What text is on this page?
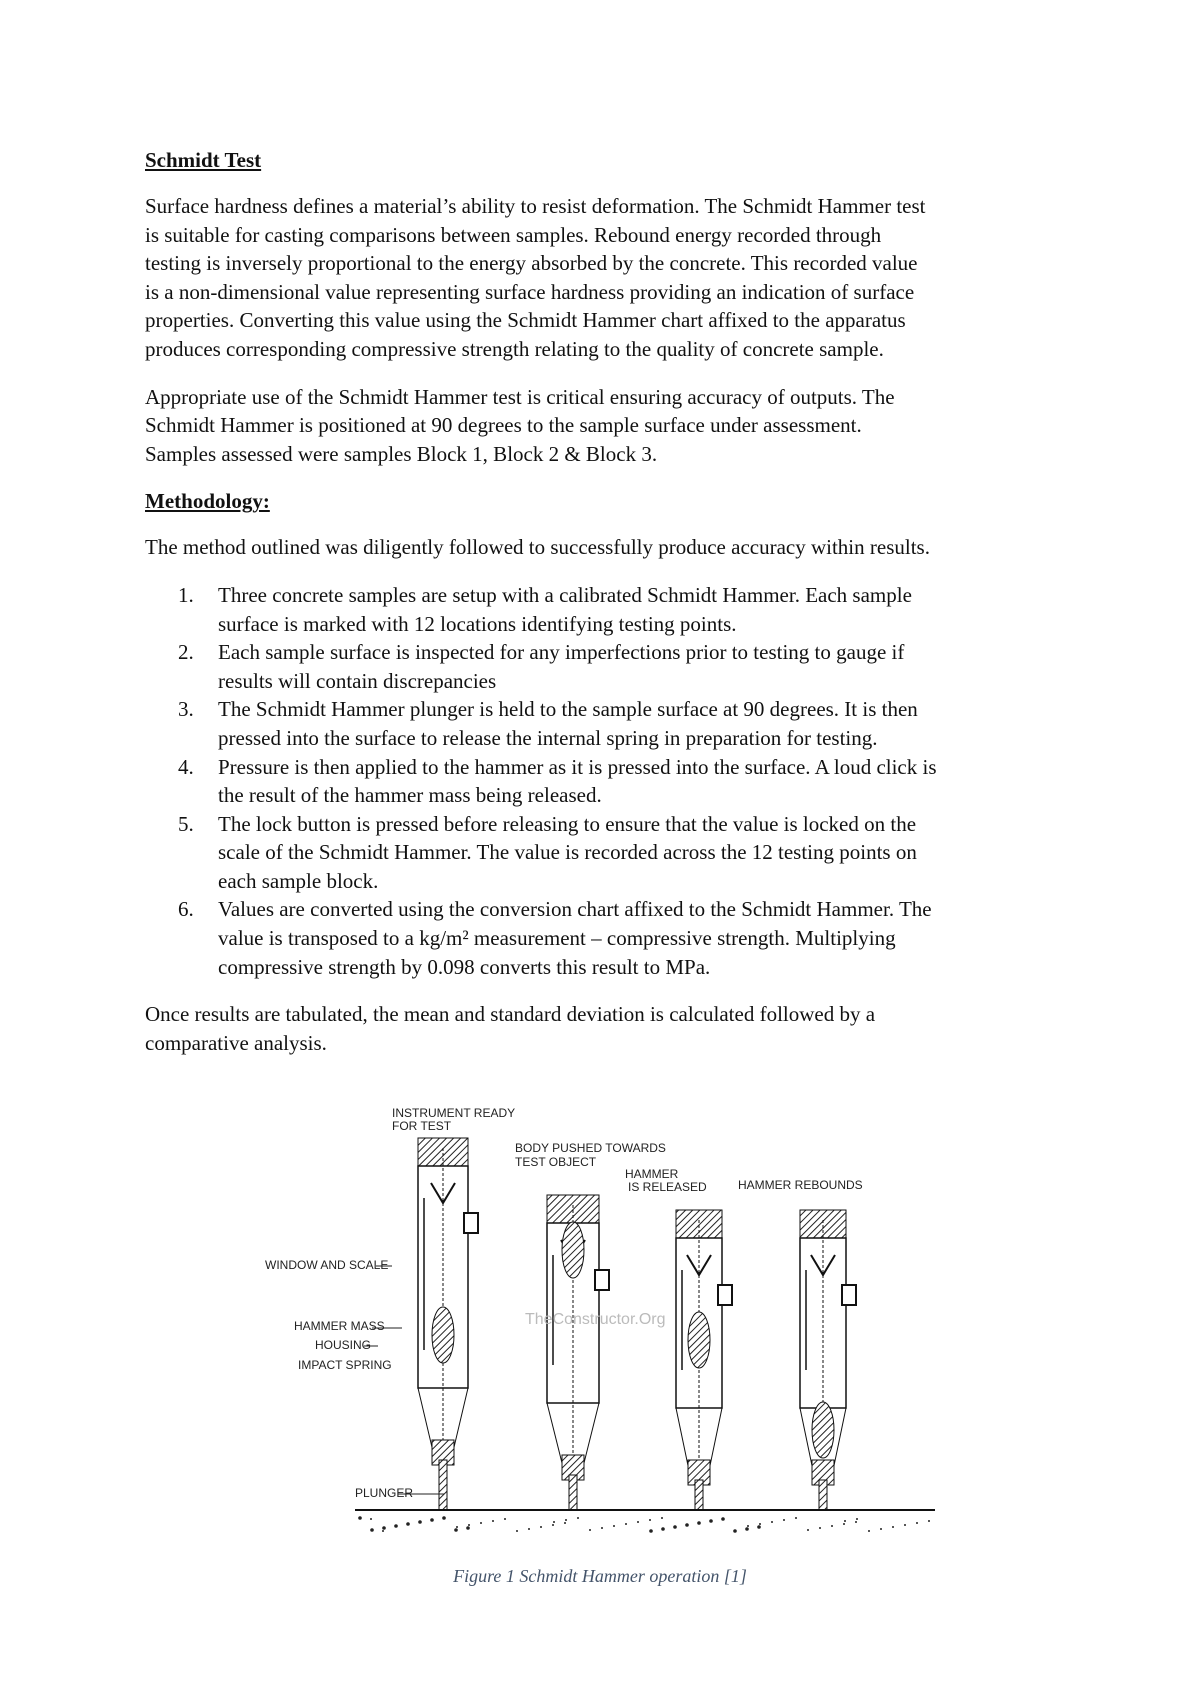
Schmidt Test

Surface hardness defines a material’s ability to resist deformation. The Schmidt Hammer test
is suitable for casting comparisons between samples. Rebound energy recorded through
testing is inversely proportional to the energy absorbed by the concrete. This recorded value
is a non-dimensional value representing surface hardness providing an indication of surface
properties. Converting this value using the Schmidt Hammer chart affixed to the apparatus
produces corresponding compressive strength relating to the quality of concrete sample.

Appropriate use of the Schmidt Hammer test is critical ensuring accuracy of outputs. The
Schmidt Hammer is positioned at 90 degrees to the sample surface under assessment.
Samples assessed were samples Block 1, Block 2 & Block 3.

Methodology:

The method outlined was diligently followed to successfully produce accuracy within results.

1. Three concrete samples are setup with a calibrated Schmidt Hammer. Each sample
surface is marked with 12 locations identifying testing points.
2. Each sample surface is inspected for any imperfections prior to testing to gauge if
results will contain discrepancies
3. The Schmidt Hammer plunger is held to the sample surface at 90 degrees. It is then
pressed into the surface to release the internal spring in preparation for testing.
4. Pressure is then applied to the hammer as it is pressed into the surface. A loud click is
the result of the hammer mass being released.
5. The lock button is pressed before releasing to ensure that the value is locked on the
scale of the Schmidt Hammer. The value is recorded across the 12 testing points on
each sample block.
6. Values are converted using the conversion chart affixed to the Schmidt Hammer. The
value is transposed to a kg/m² measurement – compressive strength. Multiplying
compressive strength by 0.098 converts this result to MPa.

Once results are tabulated, the mean and standard deviation is calculated followed by a
comparative analysis.

TheConstructor.Org
INSTRUMENT READY
FOR TEST
BODY PUSHED TOWARDS
TEST OBJECT
HAMMER
IS RELEASED	HAMMER REBOUNDS
WINDOW AND SCALE
HAMMER MASS
HOUSING
IMPACT SPRING
PLUNGER
Figure 1 Schmidt Hammer operation [1]
